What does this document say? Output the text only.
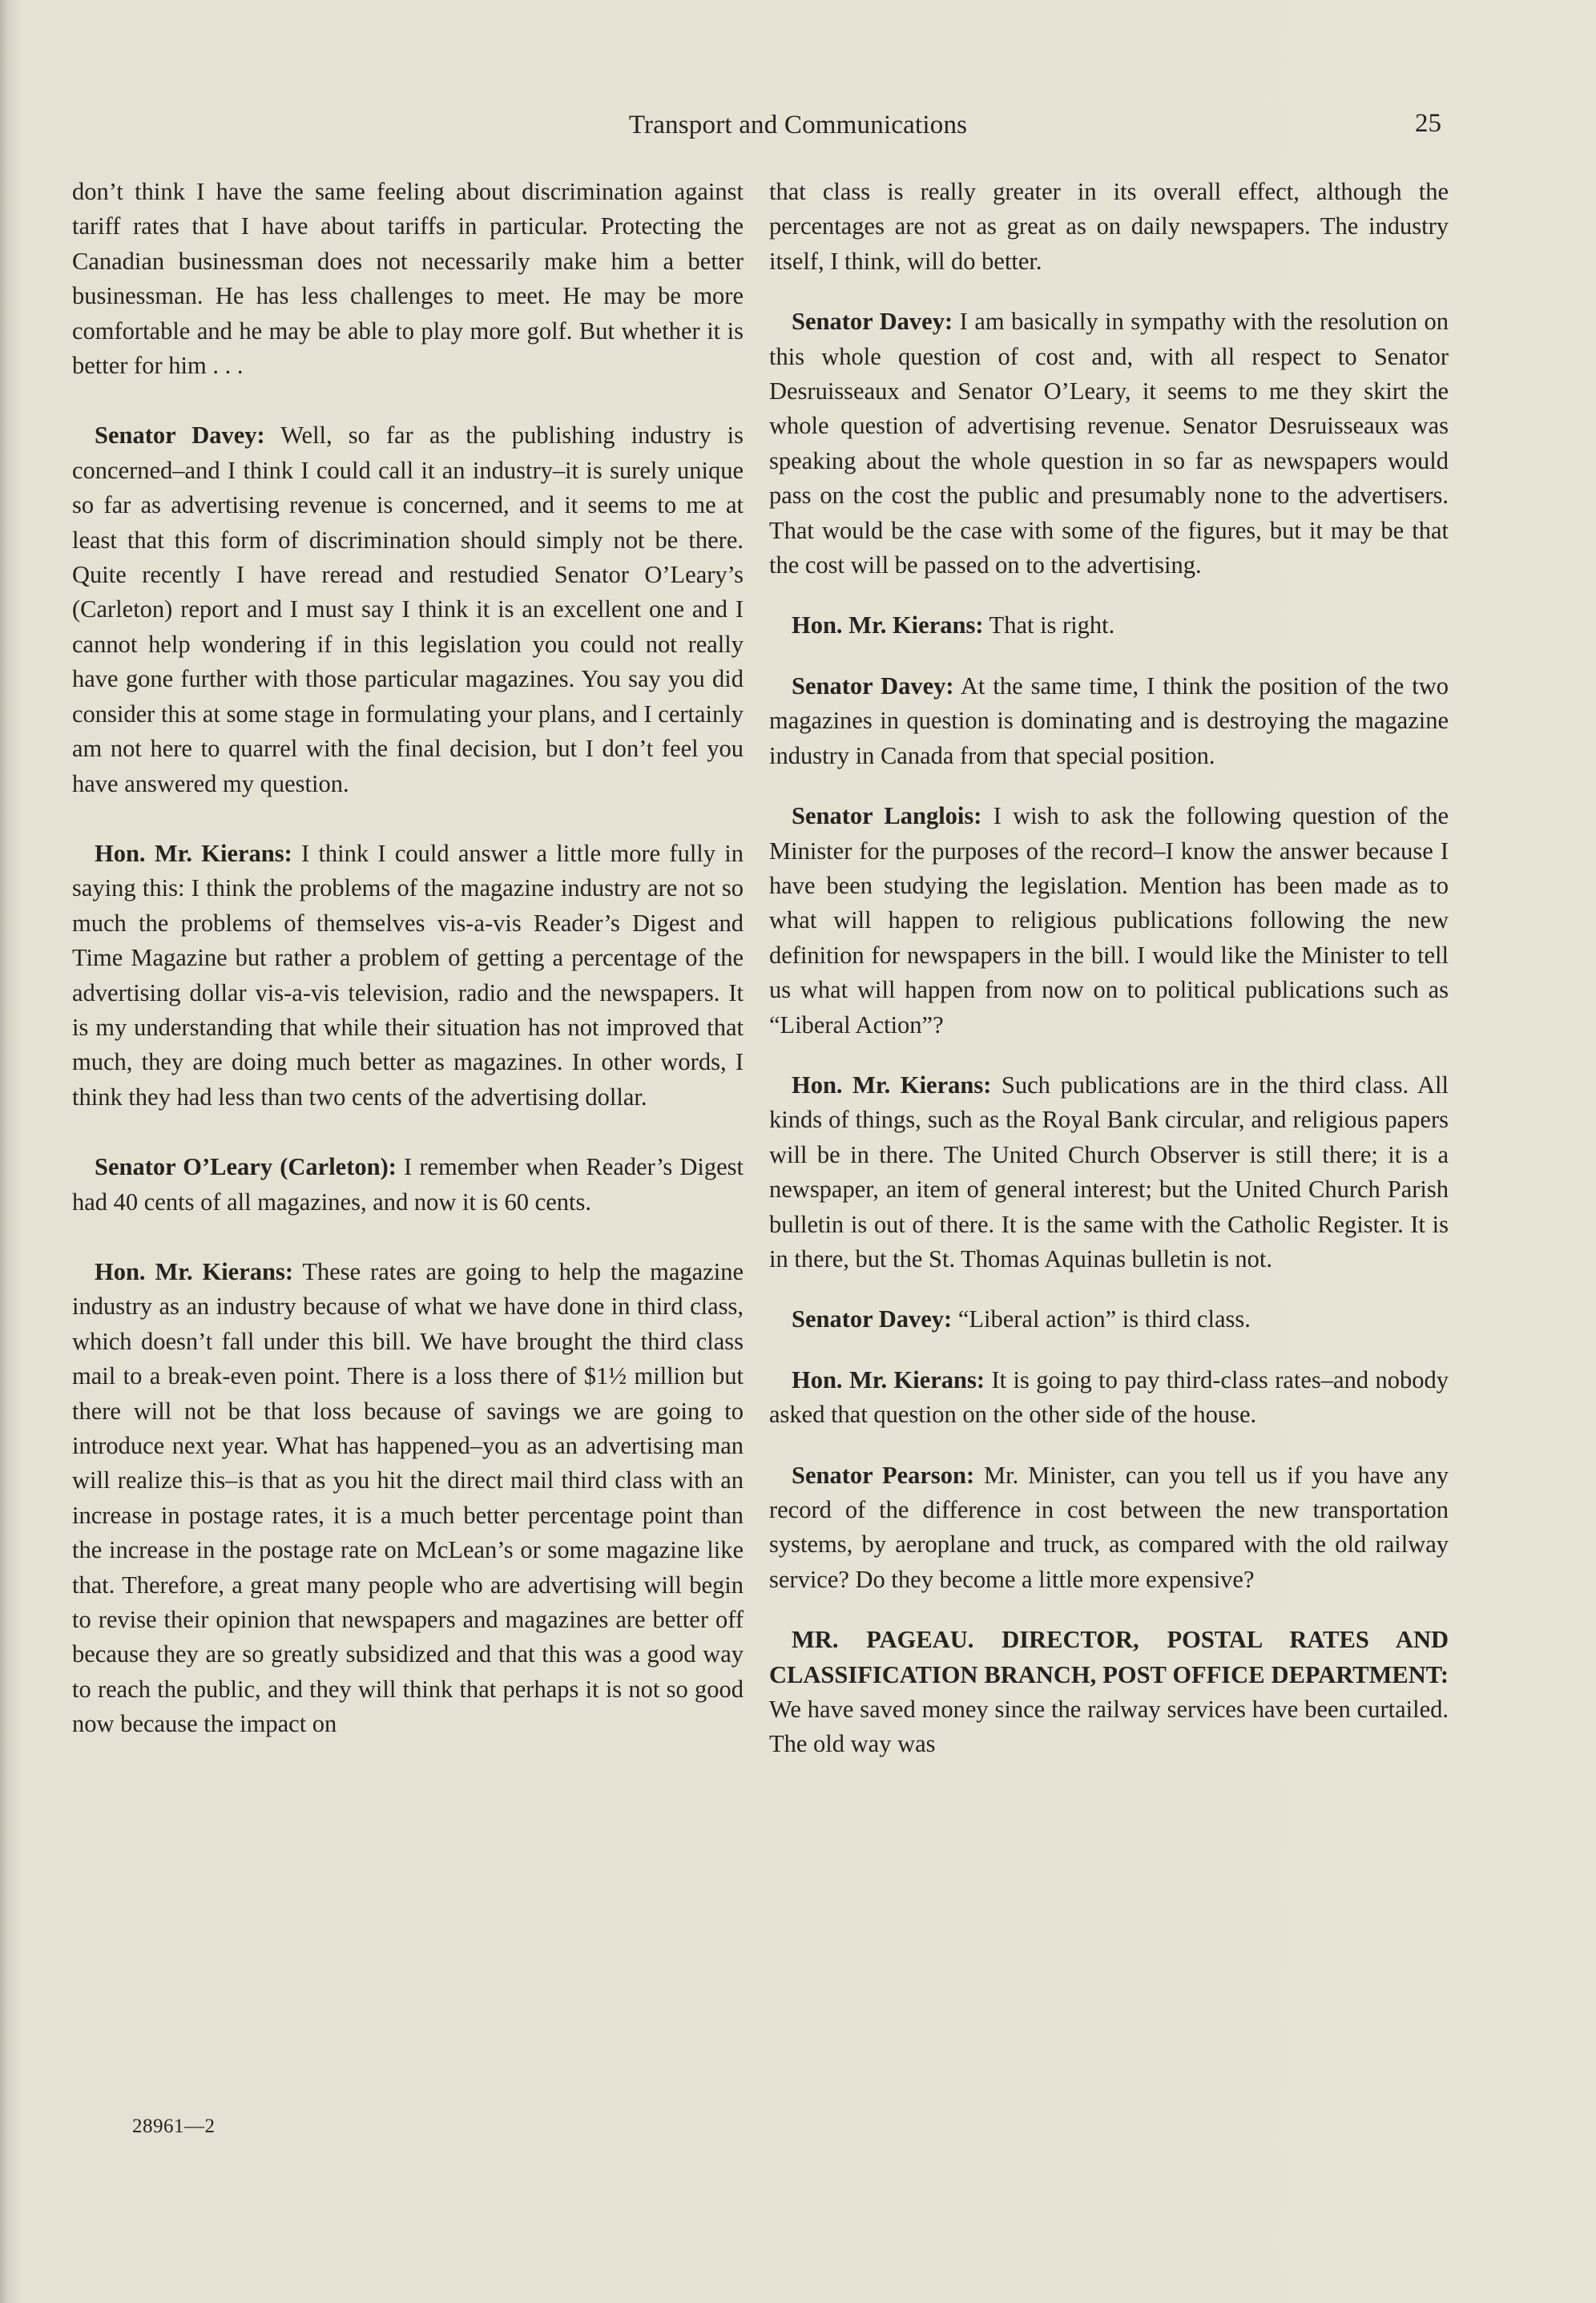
Transport and Communications	25

don’t think I have the same feeling about discrimination against tariff rates that I have about tariffs in particular. Protecting the Canadian businessman does not necessarily make him a better businessman. He has less challenges to meet. He may be more comfortable and he may be able to play more golf. But whether it is better for him . . .

Senator Davey: Well, so far as the publishing industry is concerned–and I think I could call it an industry–it is surely unique so far as advertising revenue is concerned, and it seems to me at least that this form of discrimination should simply not be there. Quite recently I have reread and restudied Senator O’Leary’s (Carleton) report and I must say I think it is an excellent one and I cannot help wondering if in this legislation you could not really have gone further with those particular magazines. You say you did consider this at some stage in formulating your plans, and I certainly am not here to quarrel with the final decision, but I don’t feel you have answered my question.

Hon. Mr. Kierans: I think I could answer a little more fully in saying this: I think the problems of the magazine industry are not so much the problems of themselves vis-a-vis Reader’s Digest and Time Magazine but rather a problem of getting a percentage of the advertising dollar vis-a-vis television, radio and the newspapers. It is my understanding that while their situation has not improved that much, they are doing much better as magazines. In other words, I think they had less than two cents of the advertising dollar.

Senator O’Leary (Carleton): I remember when Reader’s Digest had 40 cents of all magazines, and now it is 60 cents.

Hon. Mr. Kierans: These rates are going to help the magazine industry as an industry because of what we have done in third class, which doesn’t fall under this bill. We have brought the third class mail to a break-even point. There is a loss there of $1½ million but there will not be that loss because of savings we are going to introduce next year. What has happened–you as an advertising man will realize this–is that as you hit the direct mail third class with an increase in postage rates, it is a much better percentage point than the increase in the postage rate on McLean’s or some magazine like that. Therefore, a great many people who are advertising will begin to revise their opinion that newspapers and magazines are better off because they are so greatly subsidized and that this was a good way to reach the public, and they will think that perhaps it is not so good now because the impact on

that class is really greater in its overall effect, although the percentages are not as great as on daily newspapers. The industry itself, I think, will do better.

Senator Davey: I am basically in sympathy with the resolution on this whole question of cost and, with all respect to Senator Desruisseaux and Senator O’Leary, it seems to me they skirt the whole question of advertising revenue. Senator Desruisseaux was speaking about the whole question in so far as newspapers would pass on the cost the public and presumably none to the advertisers. That would be the case with some of the figures, but it may be that the cost will be passed on to the advertising.

Hon. Mr. Kierans: That is right.

Senator Davey: At the same time, I think the position of the two magazines in question is dominating and is destroying the magazine industry in Canada from that special position.

Senator Langlois: I wish to ask the following question of the Minister for the purposes of the record–I know the answer because I have been studying the legislation. Mention has been made as to what will happen to religious publications following the new definition for newspapers in the bill. I would like the Minister to tell us what will happen from now on to political publications such as “Liberal Action”?

Hon. Mr. Kierans: Such publications are in the third class. All kinds of things, such as the Royal Bank circular, and religious papers will be in there. The United Church Observer is still there; it is a newspaper, an item of general interest; but the United Church Parish bulletin is out of there. It is the same with the Catholic Register. It is in there, but the St. Thomas Aquinas bulletin is not.

Senator Davey: “Liberal action” is third class.

Hon. Mr. Kierans: It is going to pay third-class rates–and nobody asked that question on the other side of the house.

Senator Pearson: Mr. Minister, can you tell us if you have any record of the difference in cost between the new transportation systems, by aeroplane and truck, as compared with the old railway service? Do they become a little more expensive?

MR. PAGEAU. DIRECTOR, POSTAL RATES AND CLASSIFICATION BRANCH, POST OFFICE DEPARTMENT: We have saved money since the railway services have been curtailed. The old way was

28961—2
